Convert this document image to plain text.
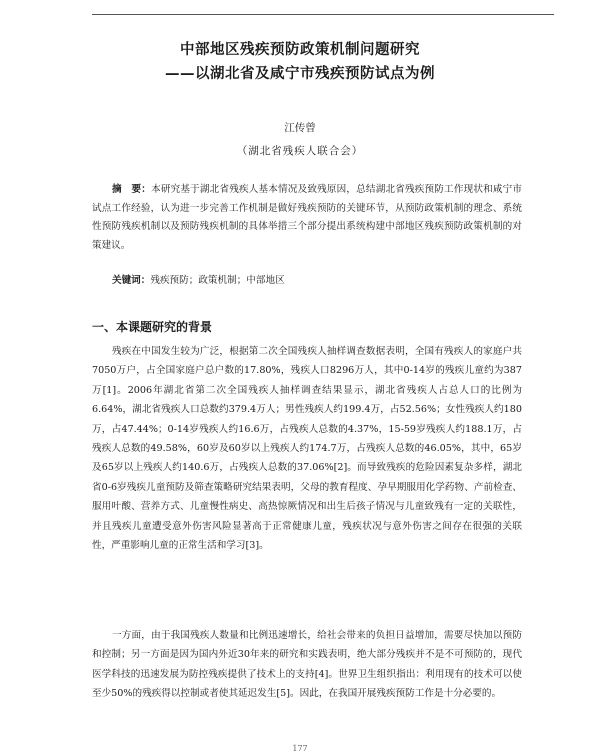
中部地区残疾预防政策机制问题研究
——以湖北省及咸宁市残疾预防试点为例
江传曾
（湖北省残疾人联合会）
摘　要：本研究基于湖北省残疾人基本情况及致残原因，总结湖北省残疾预防工作现状和咸宁市试点工作经验，认为进一步完善工作机制是做好残疾预防的关键环节，从预防政策机制的理念、系统性预防残疾机制以及预防残疾机制的具体举措三个部分提出系统构建中部地区残疾预防政策机制的对策建议。
关键词：残疾预防；政策机制；中部地区
一、本课题研究的背景
残疾在中国发生较为广泛，根据第二次全国残疾人抽样调查数据表明，全国有残疾人的家庭户共7050万户，占全国家庭户总户数的17.80%，残疾人口8296万人，其中0-14岁的残疾儿童约为387万[1]。2006年湖北省第二次全国残疾人抽样调查结果显示，湖北省残疾人占总人口的比例为6.64%，湖北省残疾人口总数约379.4万人；男性残疾人约199.4万，占52.56%；女性残疾人约180万，占47.44%；0-14岁残疾人约16.6万，占残疾人总数的4.37%，15-59岁残疾人约188.1万，占残疾人总数的49.58%，60岁及60岁以上残疾人约174.7万，占残疾人总数的46.05%，其中，65岁及65岁以上残疾人约140.6万，占残疾人总数的37.06%[2]。而导致残疾的危险因素复杂多样，湖北省0-6岁残疾儿童预防及筛查策略研究结果表明，父母的教育程度、孕早期服用化学药物、产前检查、服用叶酸、营养方式、儿童慢性病史、高热惊厥情况和出生后孩子情况与儿童致残有一定的关联性，并且残疾儿童遭受意外伤害风险显著高于正常健康儿童，残疾状况与意外伤害之间存在很强的关联性，严重影响儿童的正常生活和学习[3]。
一方面，由于我国残疾人数量和比例迅速增长，给社会带来的负担日益增加，需要尽快加以预防和控制；另一方面是因为国内外近30年来的研究和实践表明，绝大部分残疾并不是不可预防的，现代医学科技的迅速发展为防控残疾提供了技术上的支持[4]。世界卫生组织指出：利用现有的技术可以使至少50%的残疾得以控制或者使其延迟发生[5]。因此，在我国开展残疾预防工作是十分必要的。
177
